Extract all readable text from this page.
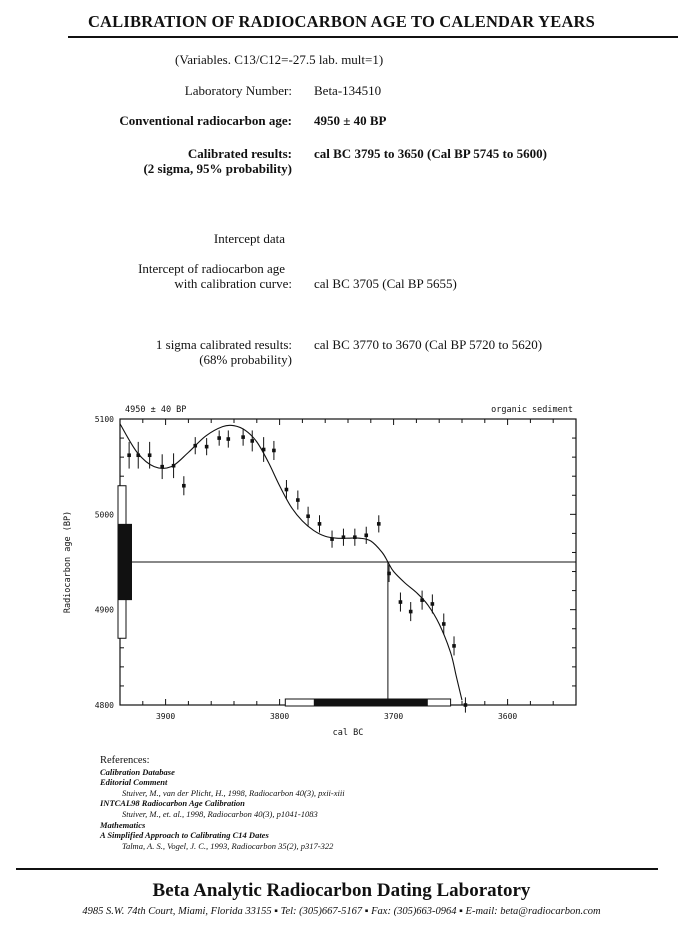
CALIBRATION OF RADIOCARBON AGE TO CALENDAR YEARS
(Variables. C13/C12=-27.5 lab. mult=1)
Laboratory Number: Beta-134510
Conventional radiocarbon age: 4950 ± 40 BP
Calibrated results:
(2 sigma, 95% probability)
cal BC 3795 to 3650 (Cal BP 5745 to 5600)
Intercept data
Intercept of radiocarbon age
with calibration curve: cal BC 3705 (Cal BP 5655)
1 sigma calibrated results:
(68% probability)
cal BC 3770 to 3670 (Cal BP 5720 to 5620)
4950 ± 40 BP	organic sediment
5100
5000
4900
4800
3900	3800	3700	3600
cal BC
Radiocarbon age (BP)
References:
Calibration Database
Editorial Comment
Stuiver, M., van der Plicht, H., 1998, Radiocarbon 40(3), pxii-xiii
INTCAL98 Radiocarbon Age Calibration
Stuiver, M., et. al., 1998, Radiocarbon 40(3), p1041-1083
Mathematics
A Simplified Approach to Calibrating C14 Dates
Talma, A. S., Vogel, J. C., 1993, Radiocarbon 35(2), p317-322
Beta Analytic Radiocarbon Dating Laboratory
4985 S.W. 74th Court, Miami, Florida 33155 ▪ Tel: (305)667-5167 ▪ Fax: (305)663-0964 ▪ E-mail: beta@radiocarbon.com
